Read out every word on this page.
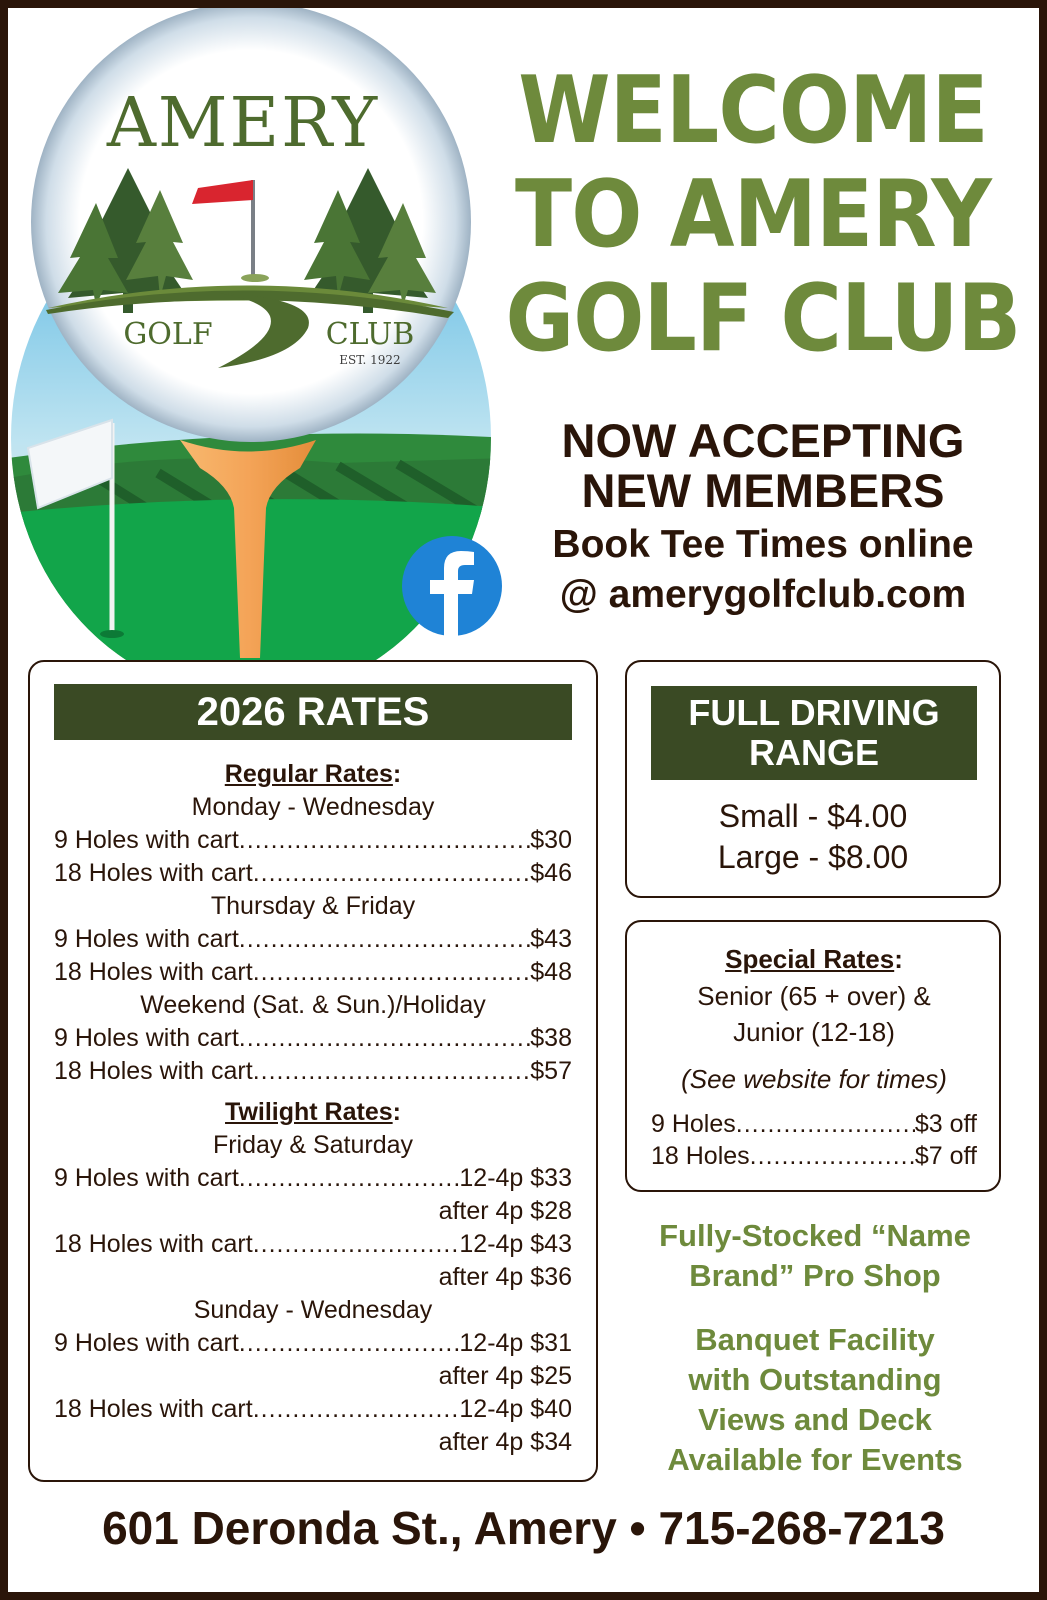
AMERY
GOLF	CLUB
EST. 1922
WELCOME
TO AMERY
GOLF CLUB
NOW ACCEPTING
NEW MEMBERS
Book Tee Times online
@ amerygolfclub.com
2026 RATES
Regular Rates:
Monday - Wednesday
9 Holes with cart .....	$30
18 Holes with cart .....	$46
Thursday & Friday
9 Holes with cart .....	$43
18 Holes with cart .....	$48
Weekend (Sat. & Sun.)/Holiday
9 Holes with cart .....	$38
18 Holes with cart .....	$57
Twilight Rates:
Friday & Saturday
9 Holes with cart .....	12-4p $33
after 4p $28
18 Holes with cart .....	12-4p $43
after 4p $36
Sunday - Wednesday
9 Holes with cart .....	12-4p $31
after 4p $25
18 Holes with cart .....	12-4p $40
after 4p $34
FULL DRIVING
RANGE
Small - $4.00
Large - $8.00
Special Rates:
Senior (65 + over) &
Junior (12-18)
(See website for times)
9 Holes .....	$3 off
18 Holes .....	$7 off
Fully-Stocked “Name
Brand” Pro Shop
Banquet Facility
with Outstanding
Views and Deck
Available for Events
601 Deronda St., Amery • 715-268-7213
